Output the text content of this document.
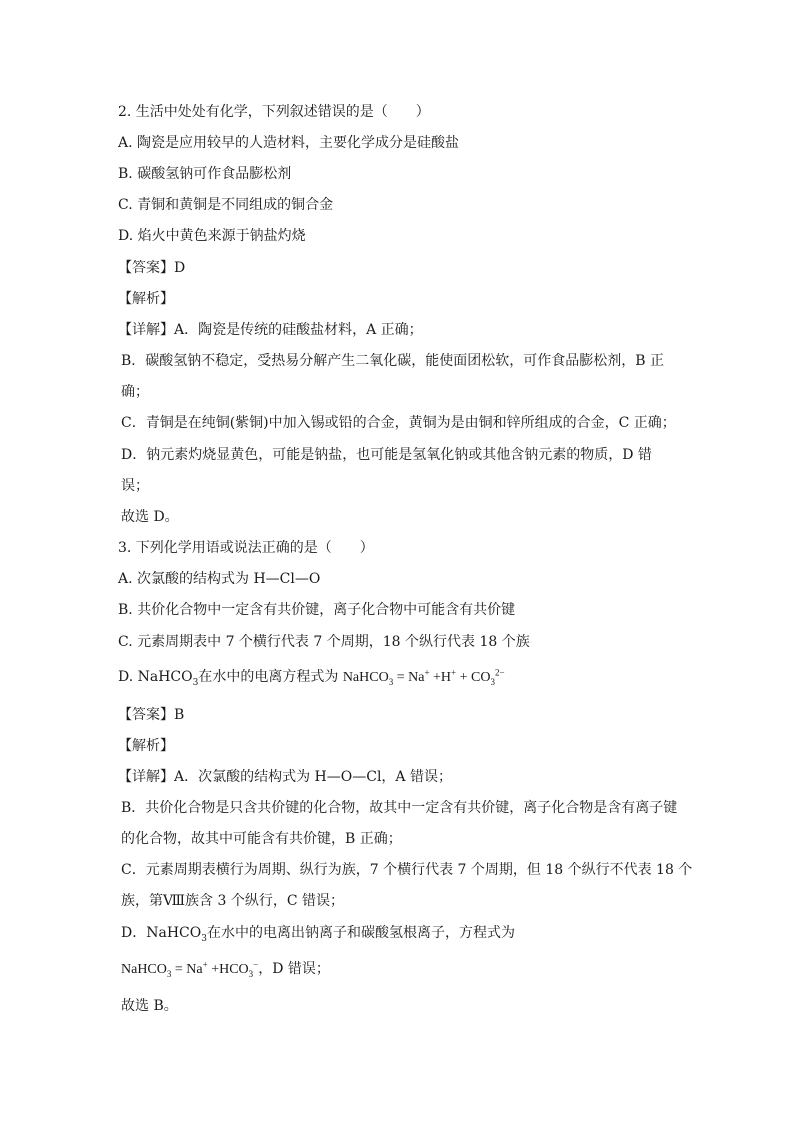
2. 生活中处处有化学，下列叙述错误的是（　　）
A. 陶瓷是应用较早的人造材料，主要化学成分是硅酸盐
B. 碳酸氢钠可作食品膨松剂
C. 青铜和黄铜是不同组成的铜合金
D. 焰火中黄色来源于钠盐灼烧
【答案】D
【解析】
【详解】A．陶瓷是传统的硅酸盐材料，A 正确；
B．碳酸氢钠不稳定，受热易分解产生二氧化碳，能使面团松软，可作食品膨松剂，B 正
确；
C．青铜是在纯铜(紫铜)中加入锡或铅的合金，黄铜为是由铜和锌所组成的合金，C 正确；
D．钠元素灼烧显黄色，可能是钠盐，也可能是氢氧化钠或其他含钠元素的物质，D 错
误；
故选 D。
3. 下列化学用语或说法正确的是（　　）
A. 次氯酸的结构式为 H—Cl—O
B. 共价化合物中一定含有共价键，离子化合物中可能含有共价键
C. 元素周期表中 7 个横行代表 7 个周期，18 个纵行代表 18 个族
D. NaHCO$_3$在水中的电离方程式为 NaHCO$_3$ = $Na^+ +H^+ + CO_3^{2-}$
【答案】B
【解析】
【详解】A．次氯酸的结构式为 H—O—Cl，A 错误；
B．共价化合物是只含共价键的化合物，故其中一定含有共价键，离子化合物是含有离子键
的化合物，故其中可能含有共价键，B 正确；
C．元素周期表横行为周期、纵行为族，7 个横行代表 7 个周期，但 18 个纵行不代表 18 个
族，第Ⅷ族含 3 个纵行，C 错误；
D．NaHCO$_3$在水中的电离出钠离子和碳酸氢根离子，方程式为
NaHCO$_3$ = $Na^+ +HCO_3^-$，D 错误；
故选 B。
